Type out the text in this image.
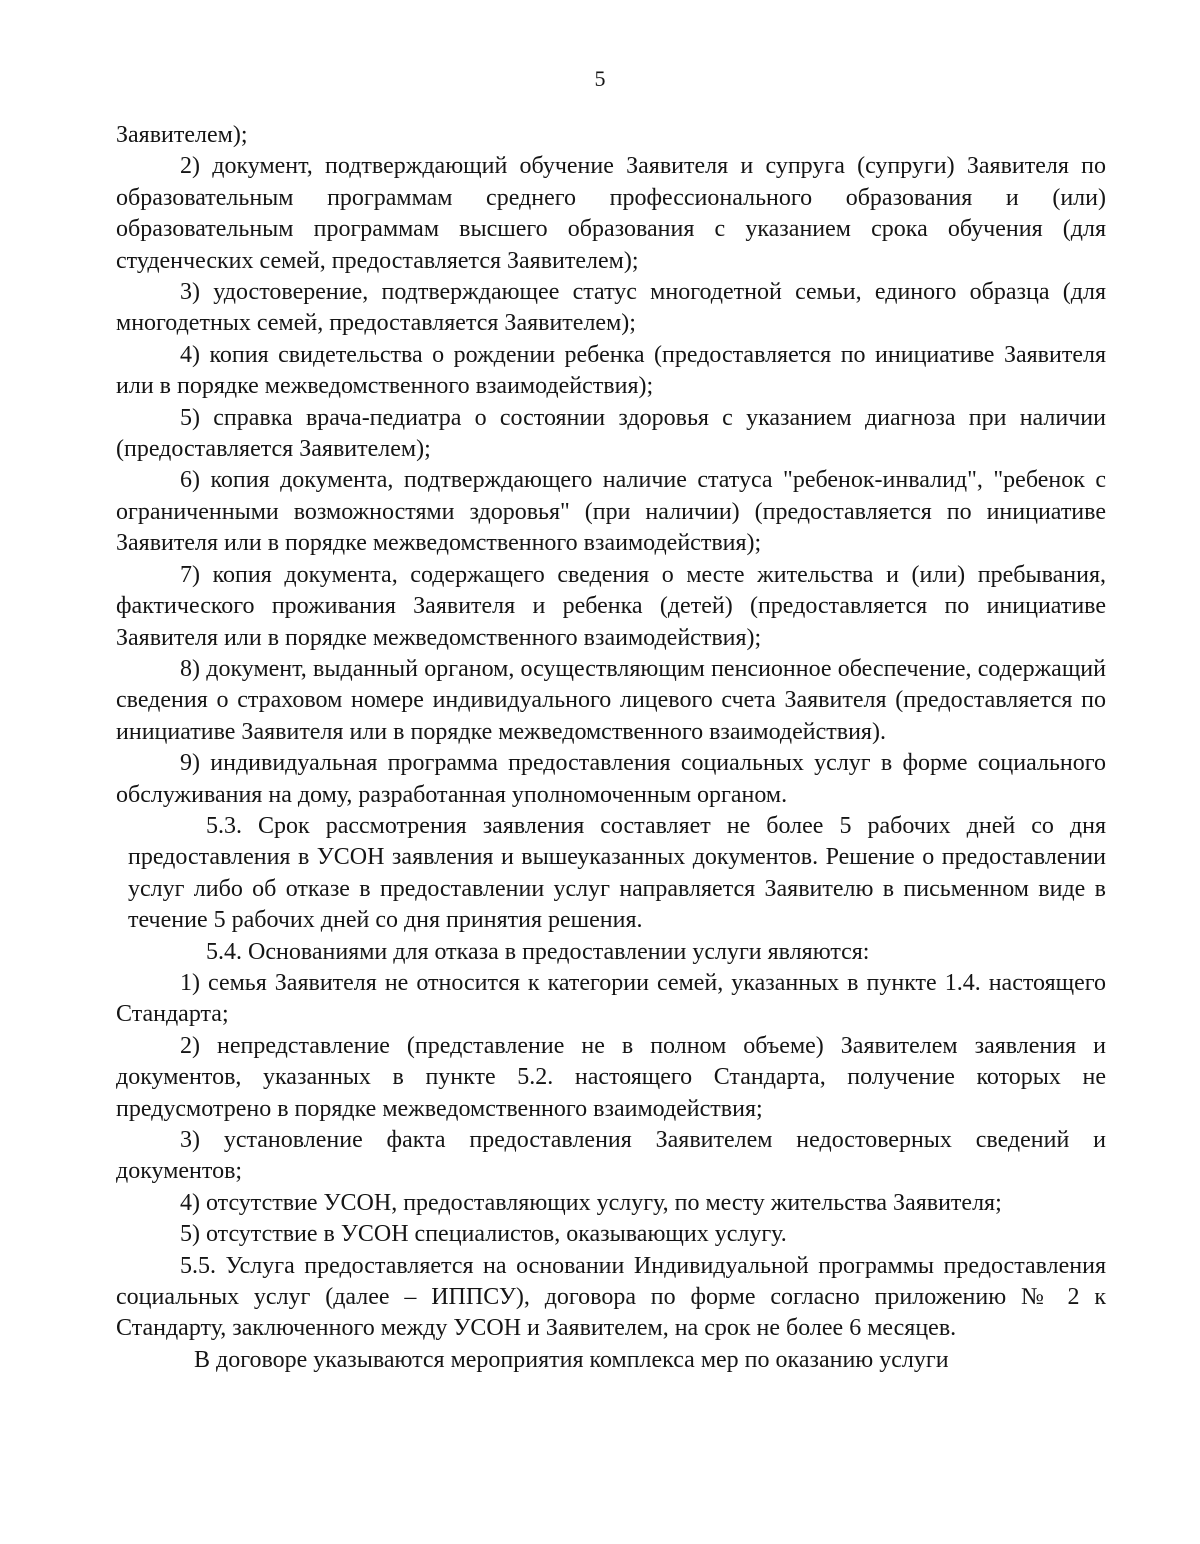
5

Заявителем);

2) документ, подтверждающий обучение Заявителя и супруга (супруги) Заявителя по образовательным программам среднего профессионального образования и (или) образовательным программам высшего образования с указанием срока обучения (для студенческих семей, предоставляется Заявителем);

3) удостоверение, подтверждающее статус многодетной семьи, единого образца (для многодетных семей, предоставляется Заявителем);

4) копия свидетельства о рождении ребенка (предоставляется по инициативе Заявителя или в порядке межведомственного взаимодействия);

5) справка врача-педиатра о состоянии здоровья с указанием диагноза при наличии (предоставляется Заявителем);

6) копия документа, подтверждающего наличие статуса "ребенок-инвалид", "ребенок с ограниченными возможностями здоровья" (при наличии) (предоставляется по инициативе Заявителя или в порядке межведомственного взаимодействия);

7) копия документа, содержащего сведения о месте жительства и (или) пребывания, фактического проживания Заявителя и ребенка (детей) (предоставляется по инициативе Заявителя или в порядке межведомственного взаимодействия);

8) документ, выданный органом, осуществляющим пенсионное обеспечение, содержащий сведения о страховом номере индивидуального лицевого счета Заявителя (предоставляется по инициативе Заявителя или в порядке межведомственного взаимодействия).

9) индивидуальная программа предоставления социальных услуг в форме социального обслуживания на дому, разработанная уполномоченным органом.

5.3. Срок рассмотрения заявления составляет не более 5 рабочих дней со дня предоставления в УСОН заявления и вышеуказанных документов. Решение о предоставлении услуг либо об отказе в предоставлении услуг направляется Заявителю в письменном виде в течение 5 рабочих дней со дня принятия решения.

5.4. Основаниями для отказа в предоставлении услуги являются:

1) семья Заявителя не относится к категории семей, указанных в пункте 1.4. настоящего Стандарта;

2) непредставление (представление не в полном объеме) Заявителем заявления и документов, указанных в пункте 5.2. настоящего Стандарта, получение которых не предусмотрено в порядке межведомственного взаимодействия;

3) установление факта предоставления Заявителем недостоверных сведений и документов;

4) отсутствие УСОН, предоставляющих услугу, по месту жительства Заявителя;

5) отсутствие в УСОН специалистов, оказывающих услугу.

5.5. Услуга предоставляется на основании Индивидуальной программы предоставления социальных услуг (далее – ИППСУ), договора по форме согласно приложению № 2 к Стандарту, заключенного между УСОН и Заявителем, на срок не более 6 месяцев.

В договоре указываются мероприятия комплекса мер по оказанию услуги
